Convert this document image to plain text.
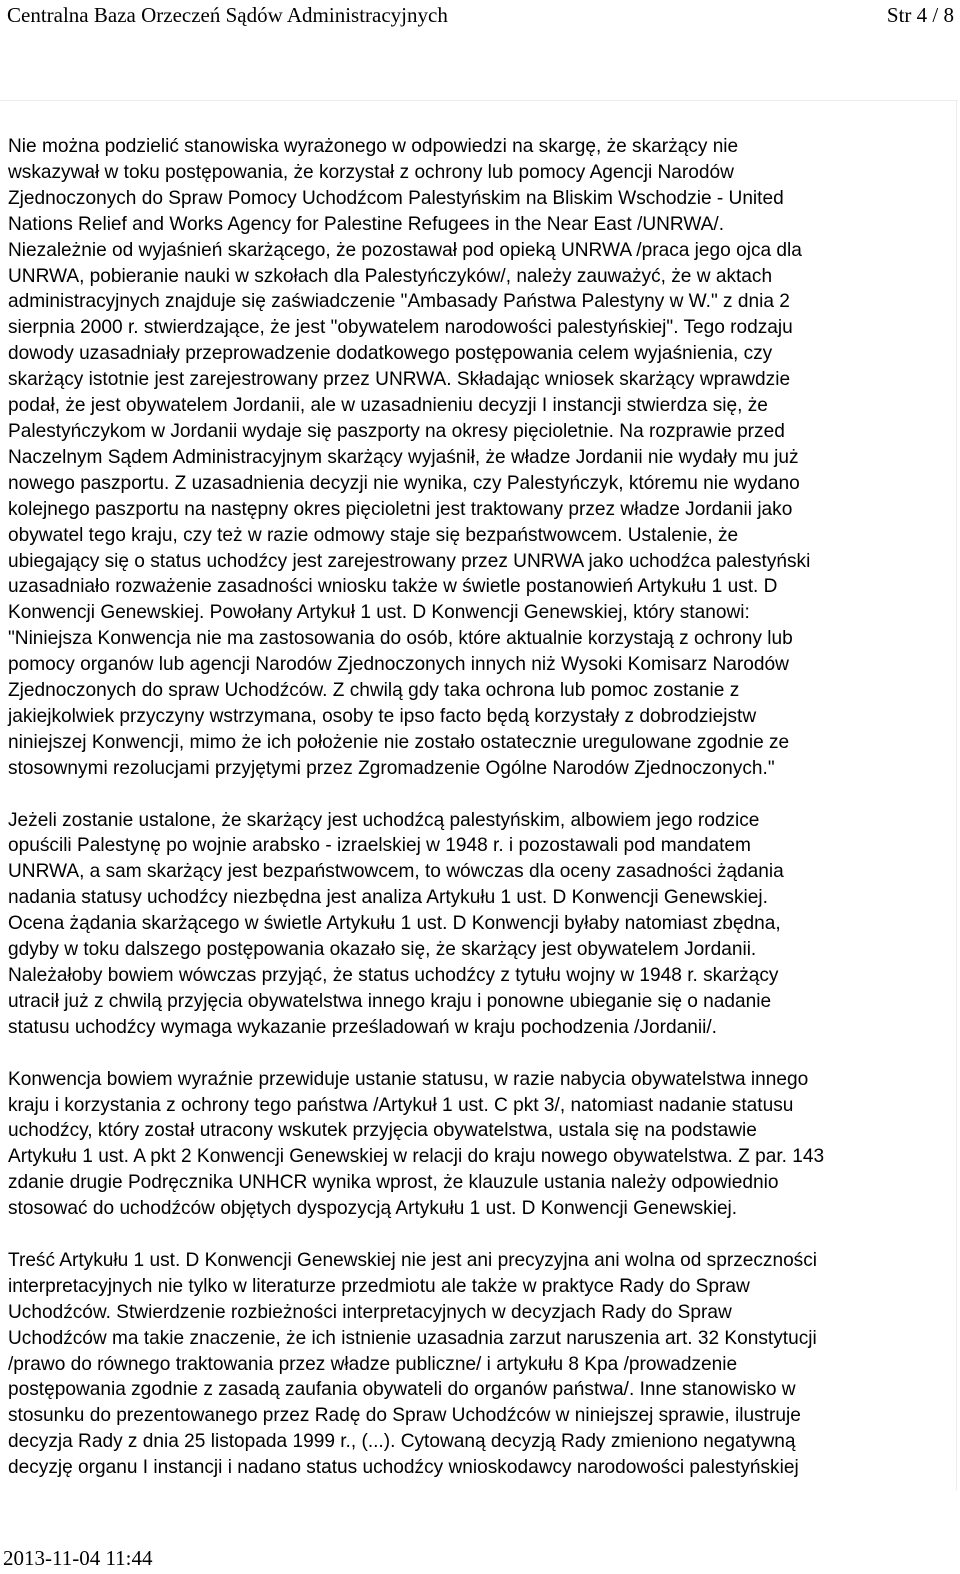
Centralna Baza Orzeczeń Sądów Administracyjnych	Str 4 / 8

Nie można podzielić stanowiska wyrażonego w odpowiedzi na skargę, że skarżący nie
wskazywał w toku postępowania, że korzystał z ochrony lub pomocy Agencji Narodów
Zjednoczonych do Spraw Pomocy Uchodźcom Palestyńskim na Bliskim Wschodzie - United
Nations Relief and Works Agency for Palestine Refugees in the Near East /UNRWA/.
Niezależnie od wyjaśnień skarżącego, że pozostawał pod opieką UNRWA /praca jego ojca dla
UNRWA, pobieranie nauki w szkołach dla Palestyńczyków/, należy zauważyć, że w aktach
administracyjnych znajduje się zaświadczenie "Ambasady Państwa Palestyny w W." z dnia 2
sierpnia 2000 r. stwierdzające, że jest "obywatelem narodowości palestyńskiej". Tego rodzaju
dowody uzasadniały przeprowadzenie dodatkowego postępowania celem wyjaśnienia, czy
skarżący istotnie jest zarejestrowany przez UNRWA. Składając wniosek skarżący wprawdzie
podał, że jest obywatelem Jordanii, ale w uzasadnieniu decyzji I instancji stwierdza się, że
Palestyńczykom w Jordanii wydaje się paszporty na okresy pięcioletnie. Na rozprawie przed
Naczelnym Sądem Administracyjnym skarżący wyjaśnił, że władze Jordanii nie wydały mu już
nowego paszportu. Z uzasadnienia decyzji nie wynika, czy Palestyńczyk, któremu nie wydano
kolejnego paszportu na następny okres pięcioletni jest traktowany przez władze Jordanii jako
obywatel tego kraju, czy też w razie odmowy staje się bezpaństwowcem. Ustalenie, że
ubiegający się o status uchodźcy jest zarejestrowany przez UNRWA jako uchodźca palestyński
uzasadniało rozważenie zasadności wniosku także w świetle postanowień Artykułu 1 ust. D
Konwencji Genewskiej. Powołany Artykuł 1 ust. D Konwencji Genewskiej, który stanowi:
"Niniejsza Konwencja nie ma zastosowania do osób, które aktualnie korzystają z ochrony lub
pomocy organów lub agencji Narodów Zjednoczonych innych niż Wysoki Komisarz Narodów
Zjednoczonych do spraw Uchodźców. Z chwilą gdy taka ochrona lub pomoc zostanie z
jakiejkolwiek przyczyny wstrzymana, osoby te ipso facto będą korzystały z dobrodziejstw
niniejszej Konwencji, mimo że ich położenie nie zostało ostatecznie uregulowane zgodnie ze
stosownymi rezolucjami przyjętymi przez Zgromadzenie Ogólne Narodów Zjednoczonych."

Jeżeli zostanie ustalone, że skarżący jest uchodźcą palestyńskim, albowiem jego rodzice
opuścili Palestynę po wojnie arabsko - izraelskiej w 1948 r. i pozostawali pod mandatem
UNRWA, a sam skarżący jest bezpaństwowcem, to wówczas dla oceny zasadności żądania
nadania statusy uchodźcy niezbędna jest analiza Artykułu 1 ust. D Konwencji Genewskiej.
Ocena żądania skarżącego w świetle Artykułu 1 ust. D Konwencji byłaby natomiast zbędna,
gdyby w toku dalszego postępowania okazało się, że skarżący jest obywatelem Jordanii.
Należałoby bowiem wówczas przyjąć, że status uchodźcy z tytułu wojny w 1948 r. skarżący
utracił już z chwilą przyjęcia obywatelstwa innego kraju i ponowne ubieganie się o nadanie
statusu uchodźcy wymaga wykazanie prześladowań w kraju pochodzenia /Jordanii/.

Konwencja bowiem wyraźnie przewiduje ustanie statusu, w razie nabycia obywatelstwa innego
kraju i korzystania z ochrony tego państwa /Artykuł 1 ust. C pkt 3/, natomiast nadanie statusu
uchodźcy, który został utracony wskutek przyjęcia obywatelstwa, ustala się na podstawie
Artykułu 1 ust. A pkt 2 Konwencji Genewskiej w relacji do kraju nowego obywatelstwa. Z par. 143
zdanie drugie Podręcznika UNHCR wynika wprost, że klauzule ustania należy odpowiednio
stosować do uchodźców objętych dyspozycją Artykułu 1 ust. D Konwencji Genewskiej.

Treść Artykułu 1 ust. D Konwencji Genewskiej nie jest ani precyzyjna ani wolna od sprzeczności
interpretacyjnych nie tylko w literaturze przedmiotu ale także w praktyce Rady do Spraw
Uchodźców. Stwierdzenie rozbieżności interpretacyjnych w decyzjach Rady do Spraw
Uchodźców ma takie znaczenie, że ich istnienie uzasadnia zarzut naruszenia art. 32 Konstytucji
/prawo do równego traktowania przez władze publiczne/ i artykułu 8 Kpa /prowadzenie
postępowania zgodnie z zasadą zaufania obywateli do organów państwa/. Inne stanowisko w
stosunku do prezentowanego przez Radę do Spraw Uchodźców w niniejszej sprawie, ilustruje
decyzja Rady z dnia 25 listopada 1999 r., (...). Cytowaną decyzją Rady zmieniono negatywną
decyzję organu I instancji i nadano status uchodźcy wnioskodawcy narodowości palestyńskiej

2013-11-04 11:44
